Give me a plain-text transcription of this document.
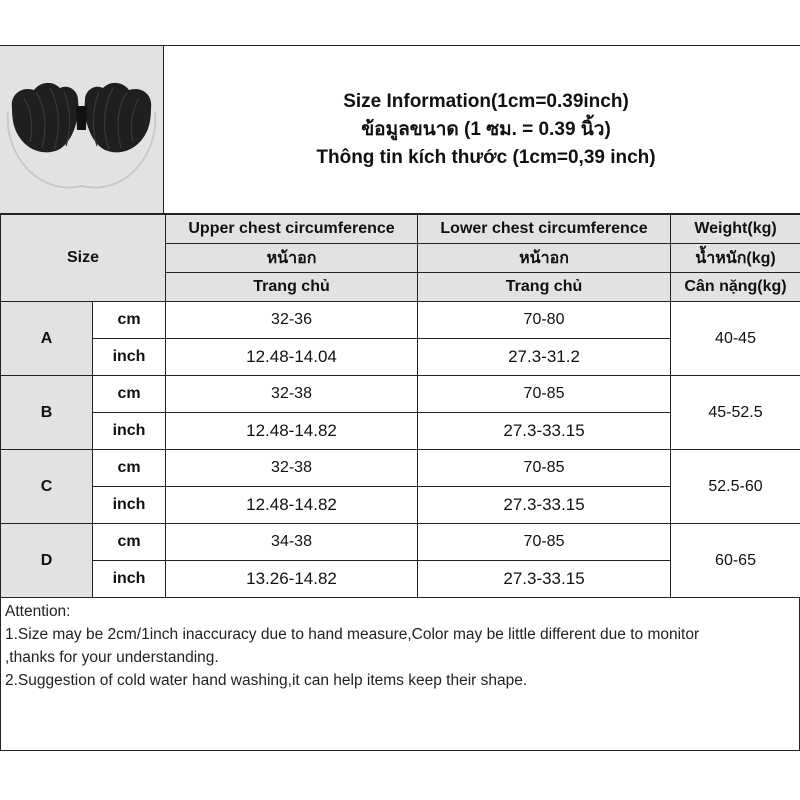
Size Information(1cm=0.39inch)
ข้อมูลขนาด (1 ซม. = 0.39 นิ้ว)
Thông tin kích thước (1cm=0,39 inch)
Size		Upper chest circumference	Lower chest circumference	Weight(kg)
		หน้าอก	หน้าอก	น้ำหนัก(kg)
		Trang chủ	Trang chủ	Cân nặng(kg)
A	cm	32-36	70-80	40-45
	inch	12.48-14.04	27.3-31.2	
B	cm	32-38	70-85	45-52.5
	inch	12.48-14.82	27.3-33.15	
C	cm	32-38	70-85	52.5-60
	inch	12.48-14.82	27.3-33.15	
D	cm	34-38	70-85	60-65
	inch	13.26-14.82	27.3-33.15	
Attention:
1.Size may be 2cm/1inch inaccuracy due to hand measure,Color may be little different due to monitor
,thanks for your understanding.
2.Suggestion of cold water hand washing,it can help items keep their shape.
